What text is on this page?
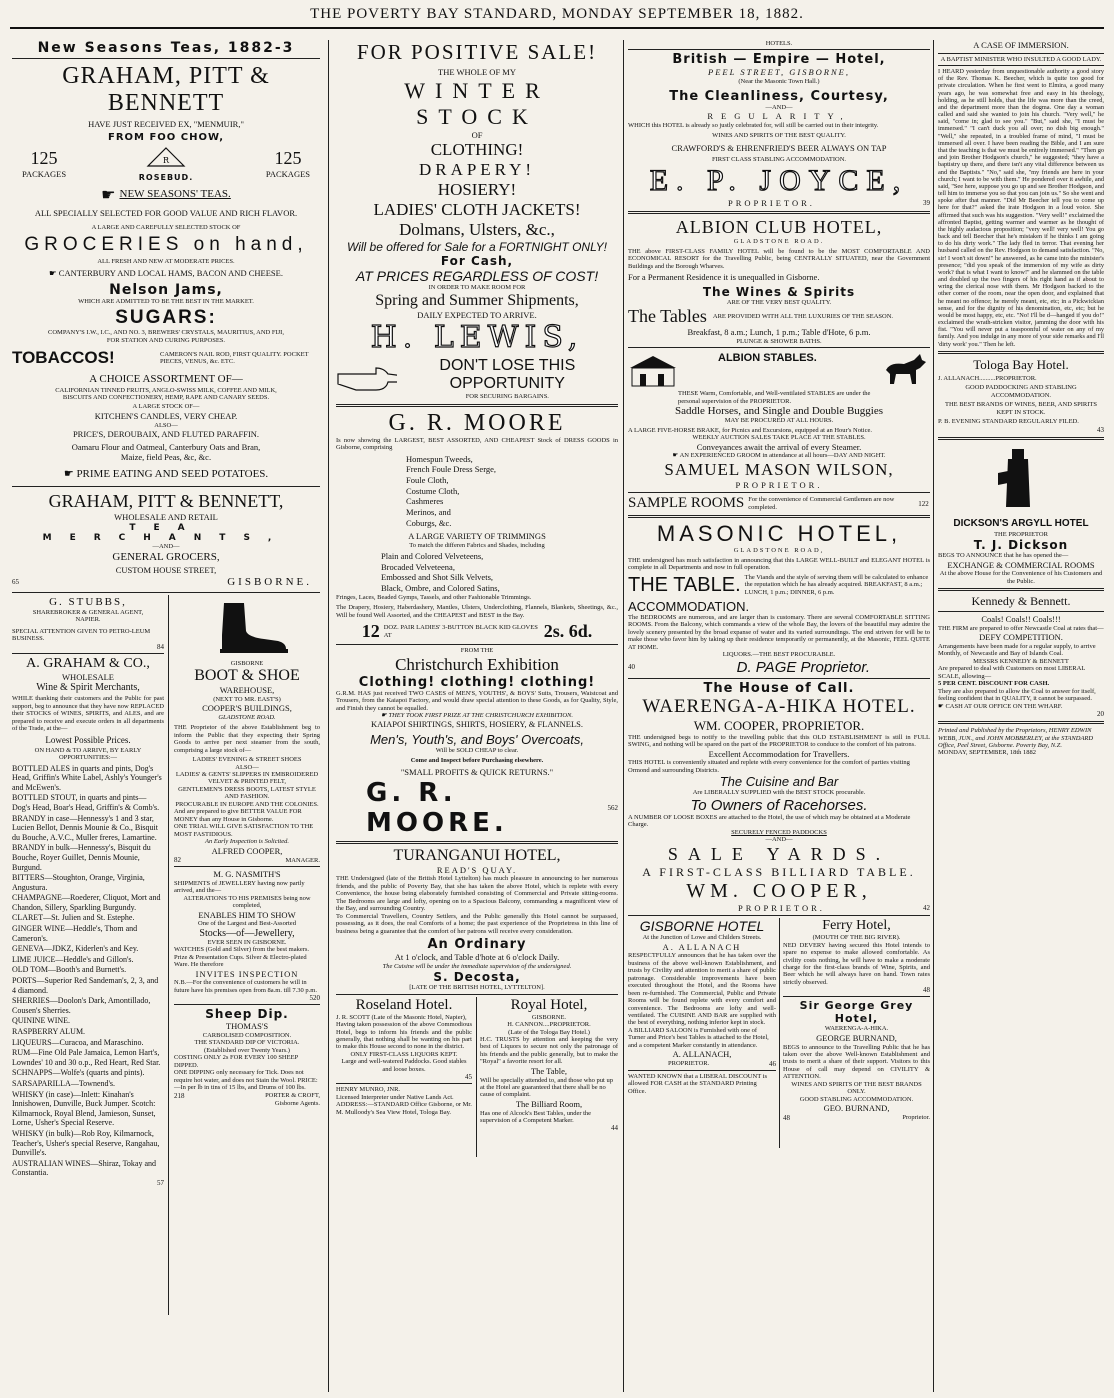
THE POVERTY BAY STANDARD, MONDAY SEPTEMBER 18, 1882.
New Seasons Teas, 1882-3
GRAHAM, PITT & BENNETT
HAVE JUST RECEIVED EX, "MENMUIR,"
FROM FOO CHOW,
125
PACKAGES
R
ROSEBUD.
125
PACKAGES
☛ NEW SEASONS' TEAS.
ALL SPECIALLY SELECTED FOR GOOD VALUE AND RICH FLAVOR.
A LARGE AND CAREFULLY SELECTED STOCK OF
GROCERIES on hand,
ALL FRESH AND NEW AT MODERATE PRICES.
☛ CANTERBURY AND LOCAL HAMS, BACON AND CHEESE.
Nelson Jams,
WHICH ARE ADMITTED TO BE THE BEST IN THE MARKET.
SUGARS:
COMPANY'S I.W., I.C., AND NO. 3, BREWERS' CRYSTALS, MAURITIUS, AND FIJI, FOR STATION AND CURING PURPOSES.
TOBACCOS!	CAMERON'S NAIL ROD, FIRST QUALITY. POCKET PIECES, VENUS, &c. ETC.
A CHOICE ASSORTMENT OF—
CALIFORNIAN TINNED FRUITS, ANGLO-SWISS MILK, COFFEE AND MILK, BISCUITS AND CONFECTIONERY, HEMP, RAPE AND CANARY SEEDS.
A LARGE STOCK OF—
KITCHEN'S CANDLES, VERY CHEAP.
ALSO—
PRICE'S, DEROUBAIX, AND FLUTED PARAFFIN.
Oamaru Flour and Oatmeal, Canterbury Oats and Bran, Maize, field Peas, &c, &c.
☛ PRIME EATING AND SEED POTATOES.
GRAHAM, PITT & BENNETT,
WHOLESALE AND RETAIL
TEA MERCHANTS,
—AND—
GENERAL GROCERS,
CUSTOM HOUSE STREET,
65	GISBORNE.
G. STUBBS,
SHAREBROKER & GENERAL AGENT,
NAPIER.
SPECIAL ATTENTION GIVEN TO PETRO-LEUM BUSINESS.
84
A. GRAHAM & CO.,
WHOLESALE
Wine & Spirit Merchants,
WHILE thanking their customers and the Public for past support, beg to announce that they have now REPLACED their STOCKS of WINES, SPIRITS, and ALES, and are prepared to receive and execute orders in all departments of the Trade, at the—
Lowest Possible Prices.
ON HAND & TO ARRIVE, BY EARLY OPPORTUNITIES:—
BOTTLED ALES in quarts and pints, Dog's Head, Griffin's White Label, Ashly's Younger's and McEwen's.
BOTTLED STOUT, in quarts and pints—Dog's Head, Boar's Head, Griffin's & Comb's.
BRANDY in case—Hennessy's 1 and 3 star, Lucien Bellot, Dennis Mounie & Co., Bisquit du Bouche, A.V.C., Muller freres, Lamartine.
BRANDY in bulk—Hennessy's, Bisquit du Bouche, Royer Guillet, Dennis Mounie, Burgund.
BITTERS—Stoughton, Orange, Virginia, Angustura.
CHAMPAGNE—Roederer, Cliquot, Mort and Chandon, Sillery, Sparkling Burgundy.
CLARET—St. Julien and St. Estephe.
GINGER WINE—Heddle's, Thom and Cameron's.
GENEVA—JDKZ, Kiderlen's and Key.
LIME JUICE—Heddle's and Gillon's.
OLD TOM—Booth's and Burnett's.
PORTS—Superior Red Sandeman's, 2, 3, and 4 diamond.
SHERRIES—Doolon's Dark, Amontillado, Cousen's Sherries.
QUININE WINE.
RASPBERRY ALUM.
LIQUEURS—Curacoa, and Maraschino.
RUM—Fine Old Pale Jamaica, Lemon Hart's, Lowndes' 10 and 30 o.p., Red Heart, Red Star.
SCHNAPPS—Wolfe's (quarts and pints).
SARSAPARILLA—Townend's.
WHISKY (in case)—Inlett: Kinahan's Innishowen, Dunville, Buck Jumper. Scotch: Kilmarnock, Royal Blend, Jamieson, Sunset, Lorne, Usher's Special Reserve.
WHISKY (in bulk)—Rob Roy, Kilmarnock, Teacher's, Usher's special Reserve, Rangahau, Dunville's.
AUSTRALIAN WINES—Shiraz, Tokay and Constantia.
57
GISBORNE
BOOT & SHOE
WAREHOUSE,
(NEXT TO MR. EAST'S)
COOPER'S BUILDINGS,
GLADSTONE ROAD.
THE Proprietor of the above Establishment beg to inform the Public that they expecting their Spring Goods to arrive per next steamer from the south, comprising a large stock of—
LADIES' EVENING & STREET SHOES
ALSO—
LADIES' & GENTS' SLIPPERS IN EMBROIDERED VELVET & PRINTED FELT,
GENTLEMEN'S DRESS BOOTS, LATEST STYLE AND FASHION.
PROCURABLE IN EUROPE AND THE COLONIES.
And are prepared to give BETTER VALUE FOR MONEY than any House in Gisborne.
ONE TRIAL WILL GIVE SATISFACTION TO THE MOST FASTIDIOUS.
An Early Inspection is Solicited.
ALFRED COOPER,
82	MANAGER.
M. G. NASMITH'S
SHIPMENTS of JEWELLERY having now partly arrived, and the—
ALTERATIONS TO HIS PREMISES being now completed,
ENABLES HIM TO SHOW
One of the Largest and Best-Assorted
Stocks—of—Jewellery,
EVER SEEN IN GISBORNE.
WATCHES (Gold and Silver) from the best makers. Prize & Presentation Cups. Silver & Electro-plated Ware. He therefore
INVITES INSPECTION
N.B.—For the convenience of customers he will in future have his premises open from 8a.m. till 7.30 p.m.
520
Sheep Dip.
THOMAS'S
CARBOLISED COMPOSITION.
THE STANDARD DIP OF VICTORIA.
(Established over Twenty Years.)
COSTING ONLY 2s FOR EVERY 100 SHEEP DIPPED.
ONE DIPPING only necessary for Tick. Does not require hot water, and does not Stain the Wool. PRICE:—In per lb in tins of 15 lbs, and Drums of 100 lbs.
218	PORTER & CROFT,
Gisborne Agents.
FOR POSITIVE SALE!
THE WHOLE OF MY
WINTER STOCK
OF
CLOTHING!
DRAPERY!
HOSIERY!
LADIES' CLOTH JACKETS!
Dolmans, Ulsters, &c.,
Will be offered for Sale for a FORTNIGHT ONLY!
For Cash,
AT PRICES REGARDLESS OF COST!
IN ORDER TO MAKE ROOM FOR
Spring and Summer Shipments,
DAILY EXPECTED TO ARRIVE.
H. LEWIS,
DON'T LOSE THIS OPPORTUNITY
FOR SECURING BARGAINS.
G. R. MOORE
Is now showing the LARGEST, BEST ASSORTED, AND CHEAPEST Stock of DRESS GOODS in Gisborne, comprising
Homespun Tweeds,
French Foule Dress Serge,
Foule Cloth,
Costume Cloth,
Cashmeres
Merinos, and
Coburgs, &c.
A LARGE VARIETY OF TRIMMINGS
To match the differen Fabrics and Shades, including
Plain and Colored Velveteens,
Brocaded Velveteena,
Embossed and Shot Silk Velvets,
Black, Ombre, and Colored Satins,
Fringes, Laces, Beaded Gymps, Tassels, and other Fashionable Trimmings.
The Drapery, Hosiery, Haberdashery, Mantles, Ulsters, Underclothing, Flannels, Blankets, Sheetings, &c., Will be found Well Assorted, and the CHEAPEST and BEST in the Bay.
12 DOZ. PAIR LADIES' 3-BUTTON BLACK KID GLOVES AT	2s. 6d.
FROM THE
Christchurch Exhibition
Clothing! clothing! clothing!
G.R.M. HAS just received TWO CASES of MEN'S, YOUTHS', & BOYS' Suits, Trousers, Waistcoat and Trousers, from the Kaiapoi Factory, and would draw special attention to these Goods, as for Quality, Style, and Finish they cannot be equalled.
☛ THEY TOOK FIRST PRIZE AT THE CHRISTCHURCH EXHIBITION.
KAIAPOI SHIRTINGS, SHIRTS, HOSIERY, & FLANNELS.
Men's, Youth's, and Boys' Overcoats,
Will be SOLD CHEAP to clear.
Come and Inspect before Purchasing elsewhere.
"SMALL PROFITS & QUICK RETURNS."
G. R. MOORE.	562
TURANGANUI HOTEL,
READ'S QUAY.
THE Undersigned (late of the British Hotel Lyttelton) has much pleasure in announcing to her numerous friends, and the public of Poverty Bay, that she has taken the above Hotel, which is replete with every Convenience, the house being elaborately furnished consisting of Commercial and Private sitting-rooms. The Bedrooms are large and lofty, opening on to a Spacious Balcony, commanding a magnificent view of the Bay, and surrounding Country.
To Commercial Travellers, Country Settlers, and the Public generally this Hotel cannot be surpassed, possessing, as it does, the real Comforts of a home; the past experience of the Proprietress in this line of business being a guarantee that the comfort of her patrons will receive every consideration.
An Ordinary
At 1 o'clock, and Table d'hote at 6 o'clock Daily.
The Cuisine will be under the immediate supervision of the undersigned.
S. Decosta,
[LATE OF THE BRITISH HOTEL, LYTTELTON].
Roseland Hotel.
J. R. SCOTT (Late of the Masonic Hotel, Napier),
Having taken possession of the above Commodious Hotel, begs to inform his friends and the public generally, that nothing shall be wanting on his part to make this House second to none in the district.
ONLY FIRST-CLASS LIQUORS KEPT.
Large and well-watered Paddocks. Good stables and loose boxes.
45
HENRY MUNRO, JNR.
Licensed Interpreter under Native Lands Act.
ADDRESS:—STANDARD Office Gisborne, or Mr. M. Mulloody's Sea View Hotel, Tologa Bay.
Royal Hotel,
GISBORNE.
H. CANNON....PROPRIETOR.
(Late of the Tologa Bay Hotel.)
H.C. TRUSTS by attention and keeping the very best of Liquors to secure not only the patronage of his friends and the public generally, but to make the "Royal" a favorite resort for all.
The Table,
Will be specially attended to, and those who put up at the Hotel are guaranteed that there shall be no cause of complaint.
The Billiard Room,
Has one of Alcock's Best Tables, under the supervision of a Competent Marker.
44
HOTELS.
British — Empire — Hotel,
PEEL STREET, GISBORNE,
(Near the Masonic Town Hall.)
The Cleanliness, Courtesy,
—AND—
REGULARITY,
WHICH this HOTEL is already so justly celebrated for, will still be carried out in their integrity.
WINES AND SPIRITS OF THE BEST QUALITY.
CRAWFORD'S & EHRENFRIED'S BEER ALWAYS ON TAP
FIRST CLASS STABLING ACCOMMODATION.
E. P. JOYCE,
PROPRIETOR.	39
ALBION CLUB HOTEL,
GLADSTONE ROAD.
THE above FIRST-CLASS FAMILY HOTEL will be found to be the MOST COMFORTABLE AND ECONOMICAL RESORT for the Travelling Public, being CENTRALLY SITUATED, near the Government Buildings and the Borough Wharves.
For a Permanent Residence it is unequalled in Gisborne.
The Wines & Spirits
ARE OF THE VERY BEST QUALITY.
The Tables ARE PROVIDED WITH ALL THE LUXURIES OF THE SEASON.
Breakfast, 8 a.m.; Lunch, 1 p.m.; Table d'Hote, 6 p.m.
PLUNGE & SHOWER BATHS.
ALBION STABLES.
THESE Warm, Comfortable, and Well-ventilated STABLES are under the personal supervision of the PROPRIETOR.
Saddle Horses, and Single and Double Buggies
MAY BE PROCURED AT ALL HOURS.
A LARGE FIVE-HORSE BRAKE, for Picnics and Excursions, equipped at an Hour's Notice.
WEEKLY AUCTION SALES TAKE PLACE AT THE STABLES.
Conveyances await the arrival of every Steamer.
☛ AN EXPERIENCED GROOM in attendance at all hours—DAY AND NIGHT.
SAMUEL MASON WILSON,
PROPRIETOR.
SAMPLE ROOMS For the convenience of Commercial Gentlemen are now completed.	122
MASONIC HOTEL,
GLADSTONE ROAD,
THE undersigned has much satisfaction in announcing that this LARGE WELL-BUILT and ELEGANT HOTEL is complete in all Departments and now in full operation.
THE TABLE. The Viands and the style of serving them will be calculated to enhance the reputation which he has already acquired. BREAKFAST, 8 a.m.; LUNCH, 1 p.m.; DINNER, 6 p.m.
ACCOMMODATION.
The BEDROOMS are numerous, and are larger than is customary. There are several COMFORTABLE SITTING ROOMS. From the Balcony, which commands a view of the whole Bay, the lovers of the beautiful may admire the lovely scenery presented by the broad expanse of water and its varied surroundings. The end striven for will be to make those who favor him by taking up their residence temporarily or permanently, at the Masonic, FEEL QUITE AT HOME.
LIQUORS.—THE BEST PROCURABLE.
40	D. PAGE Proprietor.
The House of Call.
WAERENGA-A-HIKA HOTEL.
WM. COOPER, PROPRIETOR.
THE undersigned begs to notify to the travelling public that this OLD ESTABLISHMENT is still in FULL SWING, and nothing will be spared on the part of the PROPRIETOR to conduce to the comfort of his patrons.
Excellent Accommodation for Travellers.
THIS HOTEL is conveniently situated and replete with every convenience for the comfort of parties visiting Ormond and surrounding Districts.
The Cuisine and Bar
Are LIBERALLY SUPPLIED with the BEST STOCK procurable.
To Owners of Racehorses.
A NUMBER OF LOOSE BOXES are attached to the Hotel, the use of which may be obtained at a Moderate Charge.
SECURELY FENCED PADDOCKS
—AND—
SALE YARDS.
A FIRST-CLASS BILLIARD TABLE.
WM. COOPER,
PROPRIETOR.	42
GISBORNE HOTEL
At the Junction of Lowe and Childers Streets.
A. ALLANACH
RESPECTFULLY announces that he has taken over the business of the above well-known Establishment, and trusts by Civility and attention to merit a share of public patronage. Considerable improvements have been executed throughout the Hotel, and the Rooms have been re-furnished. The Commercial, Public and Private Rooms will be found replete with every comfort and convenience. The Bedrooms are lofty and well-ventilated. The CUISINE AND BAR are supplied with the best of everything, nothing inferior kept in stock.
A BILLIARD SALOON is Furnished with one of Turner and Price's best Tables is attached to the Hotel, and a competent Marker constantly in attendance.
A. ALLANACH,
PROPRIETOR.	46
WANTED KNOWN that a LIBERAL DISCOUNT is allowed FOR CASH at the STANDARD Printing Office.
Ferry Hotel,
(MOUTH OF THE BIG RIVER).
NED DEVERY having secured this Hotel intends to spare no expense to make allowed comfortable. As civility costs nothing, he will have to make a moderate charge for the first-class brands of Wine, Spirits, and Beer which he will always have on hand. Town rates strictly observed.
48
Sir George Grey Hotel,
WAERENGA-A-HIKA.
GEORGE BURNAND,
BEGS to announce to the Travelling Public that he has taken over the above Well-known Establishment and trusts to merit a share of their support. Visitors to this House of call may depend on CIVILITY & ATTENTION.
WINES AND SPIRITS OF THE BEST BRANDS ONLY.
GOOD STABLING ACCOMMODATION.
GEO. BURNAND,
48	Proprietor.
A CASE OF IMMERSION.
A BAPTIST MINISTER WHO INSULTED A GOOD LADY.
I HEARD yesterday from unquestionable authority a good story of the Rev. Thomas K. Beecher, which is quite too good for private circulation. When he first went to Elmira, a good many years ago, he was somewhat free and easy in his theology, holding, as he still holds, that the life was more than the creed, and the department more than the dogma. One day a woman called and said she wanted to join his church. "Very well," he said, "come in; glad to see you." "But," said she, "I must be immersed." "I can't duck you all over; no dish big enough." "Well," she repeated, in a troubled frame of mind, "I must be immersed all over. I have been reading the Bible, and I am sure that the teaching is that we must be entirely immersed." "Then go and join Brother Hodgson's church," he suggested; "they have a baptistry up there, and there isn't any vital difference between us and the Baptists." "No," said she, "my friends are here in your church; I want to be with them." He pondered over it awhile, and said, "See here, suppose you go up and see Brother Hodgson, and tell him to immerse you so that you can join us." So she went and spoke after that manner. "Did Mr Beecher tell you to come up here for that?" asked the irate Hodgson in a loud voice. She affirmed that such was his suggestion. "Very well!" exclaimed the affronted Baptist, getting warmer and warmer as he thought of the highly audacious proposition; "very well! very well! You go back and tell Beecher that he's mistaken if he thinks I am going to do his dirty work." The lady fled in terror. That evening her husband called on the Rev. Hodgson to demand satisfaction. "No, sir! I won't sit down!" he answered, as he came into the minister's presence; "did you speak of the immersion of my wife as dirty work? that is what I want to know!" and he slammed on the table and doubled up the two fingers of his right hand as if about to wring the clerical nose with them. Mr Hodgson backed to the other corner of the room, near the open door, and explained that he meant no offence; he merely meant, etc, etc; in a Pickwickian sense, and for the dignity of his denomination, etc, etc; but he would be most happy, etc, etc. "No! I'll be d—hanged if you do!" exclaimed the wrath-stricken visitor, jamming the door with his fist. "You will never put a teaspoonful of water on any of my family. And you indulge in any more of your side remarks and I'll 'dirty work' you." Then he left.
Tologa Bay Hotel.
J. ALLANACH..........PROPRIETOR.
GOOD PADDOCKING AND STABLING ACCOMMODATION.
THE BEST BRANDS OF WINES, BEER, AND SPIRITS KEPT IN STOCK.
P. B. EVENING STANDARD REGULARLY FILED.
43
DICKSON'S ARGYLL HOTEL
THE PROPRIETOR
T. J. Dickson
BEGS TO ANNOUNCE that he has opened the—
EXCHANGE & COMMERCIAL ROOMS
At the above House for the Convenience of his Customers and the Public.
Kennedy & Bennett.
Coals! Coals!! Coals!!!
THE FIRM are prepared to offer Newcastle Coal at rates that—
DEFY COMPETITION.
Arrangements have been made for a regular supply, to arrive Monthly, of Newcastle and Bay of Islands Coal.
MESSRS KENNEDY & BENNETT
Are prepared to deal with Customers on most LIBERAL SCALE, allowing—
5 PER CENT. DISCOUNT FOR CASH.
They are also prepared to allow the Coal to answer for itself, feeling confident that in QUALITY, it cannot be surpassed.
☛ CASH AT OUR OFFICE ON THE WHARF.
20
Printed and Published by the Proprietors, HENRY EDWIN WEBB, JUN., and JOHN MOBBERLEY, at the STANDARD Office, Peel Street, Gisborne. Poverty Bay, N.Z.
MONDAY, SEPTEMBER, 18th 1882
